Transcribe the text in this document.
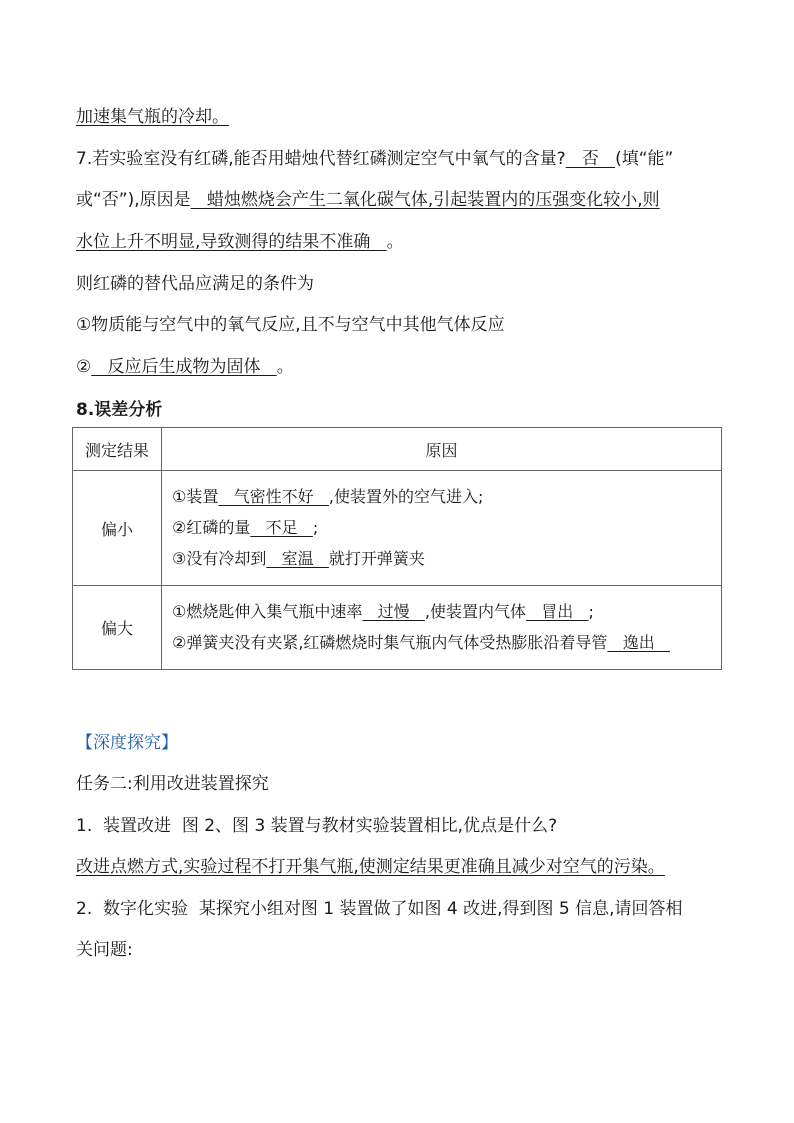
加速集气瓶的冷却。
7.若实验室没有红磷,能否用蜡烛代替红磷测定空气中氧气的含量?   否   (填“能”
或“否”),原因是   蜡烛燃烧会产生二氧化碳气体,引起装置内的压强变化较小,则
水位上升不明显,导致测得的结果不准确   。
则红磷的替代品应满足的条件为
①物质能与空气中的氧气反应,且不与空气中其他气体反应
②   反应后生成物为固体   。
8.误差分析
测定结果	原因
偏小	①装置   气密性不好   ,使装置外的空气进入;
②红磷的量   不足   ;
③没有冷却到   室温   就打开弹簧夹

偏大	①燃烧匙伸入集气瓶中速率   过慢   ,使装置内气体   冒出   ;
②弹簧夹没有夹紧,红磷燃烧时集气瓶内气体受热膨胀沿着导管   逸出
【深度探究】
任务二:利用改进装置探究
1.  装置改进  图 2、图 3 装置与教材实验装置相比,优点是什么?
改进点燃方式,实验过程不打开集气瓶,使测定结果更准确且减少对空气的污染。
2.  数字化实验  某探究小组对图 1 装置做了如图 4 改进,得到图 5 信息,请回答相
关问题:
